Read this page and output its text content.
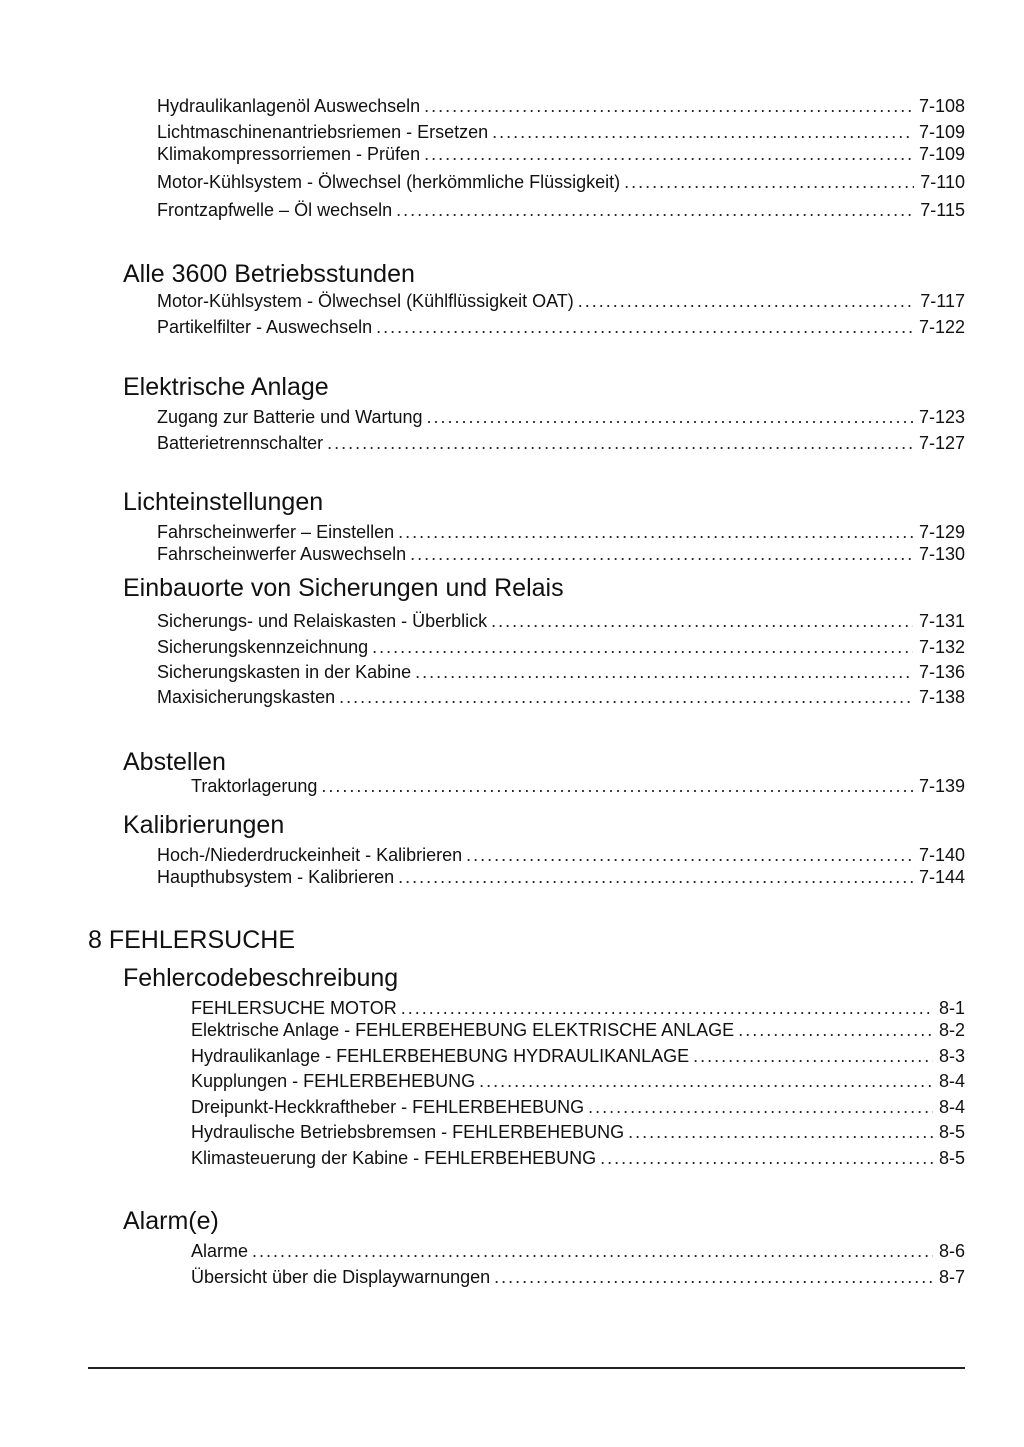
Hydraulikanlagenöl Auswechseln .....	7-108
Lichtmaschinenantriebsriemen - Ersetzen .....	7-109
Klimakompressorriemen - Prüfen .....	7-109
Motor-Kühlsystem - Ölwechsel (herkömmliche Flüssigkeit) .....	7-110
Frontzapfwelle – Öl wechseln .....	7-115
Alle 3600 Betriebsstunden
Motor-Kühlsystem - Ölwechsel (Kühlflüssigkeit OAT) .....	7-117
Partikelfilter - Auswechseln .....	7-122
Elektrische Anlage
Zugang zur Batterie und Wartung .....	7-123
Batterietrennschalter .....	7-127
Lichteinstellungen
Fahrscheinwerfer – Einstellen .....	7-129
Fahrscheinwerfer Auswechseln .....	7-130
Einbauorte von Sicherungen und Relais
Sicherungs- und Relaiskasten - Überblick .....	7-131
Sicherungskennzeichnung .....	7-132
Sicherungskasten in der Kabine .....	7-136
Maxisicherungskasten .....	7-138
Abstellen
Traktorlagerung .....	7-139
Kalibrierungen
Hoch-/Niederdruckeinheit - Kalibrieren .....	7-140
Haupthubsystem - Kalibrieren .....	7-144
8 FEHLERSUCHE
Fehlercodebeschreibung
FEHLERSUCHE MOTOR .....	8-1
Elektrische Anlage - FEHLERBEHEBUNG ELEKTRISCHE ANLAGE .....	8-2
Hydraulikanlage - FEHLERBEHEBUNG HYDRAULIKANLAGE .....	8-3
Kupplungen - FEHLERBEHEBUNG .....	8-4
Dreipunkt-Heckkraftheber - FEHLERBEHEBUNG .....	8-4
Hydraulische Betriebsbremsen - FEHLERBEHEBUNG .....	8-5
Klimasteuerung der Kabine - FEHLERBEHEBUNG .....	8-5
Alarm(e)
Alarme .....	8-6
Übersicht über die Displaywarnungen .....	8-7
